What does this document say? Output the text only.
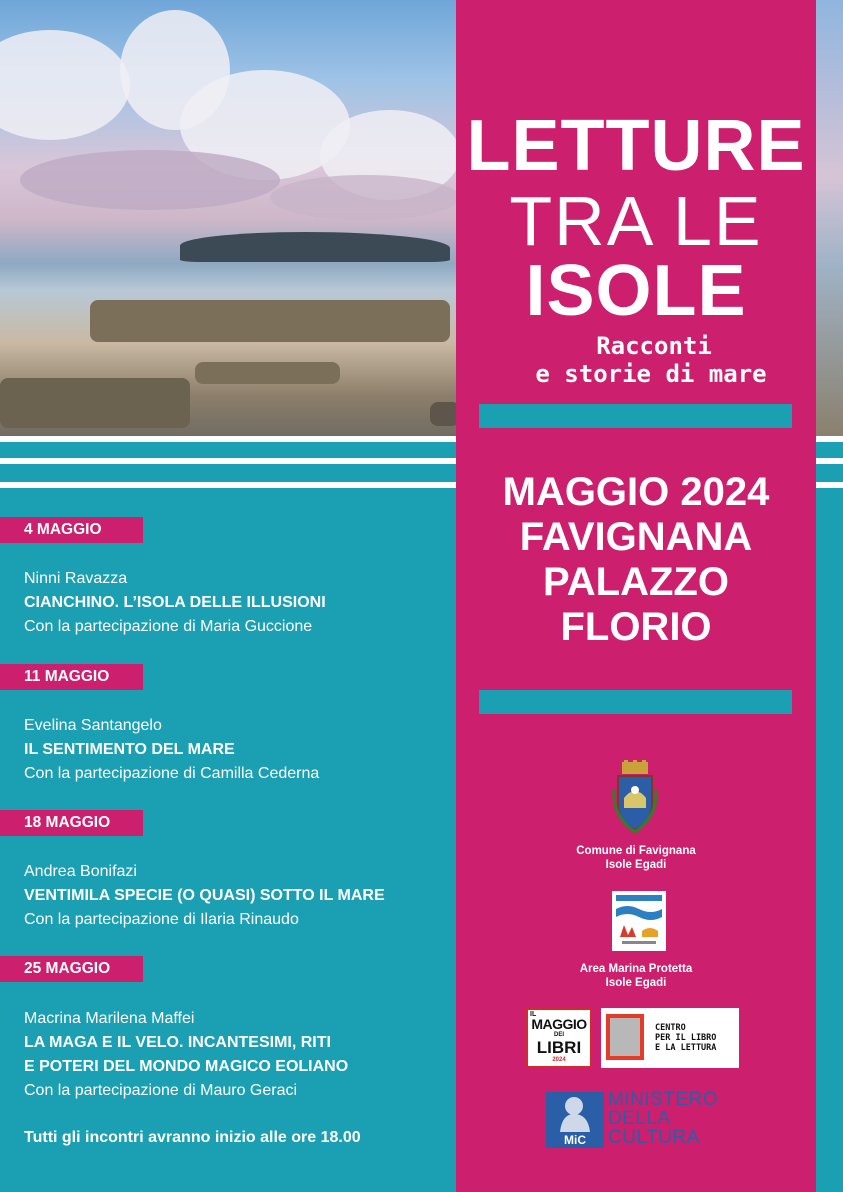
LETTURE
TRA LE
ISOLE
Racconti
e storie di mare
MAGGIO 2024
FAVIGNANA
PALAZZO
FLORIO
Comune di Favignana
Isole Egadi
Area Marina Protetta
Isole Egadi
IL
MAGGIO
DEI
LIBRI
2024
CENTRO
PER IL LIBRO
E LA LETTURA
MiC
MINISTERO
DELLA
CULTURA
4 MAGGIO
Ninni Ravazza
CIANCHINO. L’ISOLA DELLE ILLUSIONI
Con la partecipazione di Maria Guccione
11 MAGGIO
Evelina Santangelo
IL SENTIMENTO DEL MARE
Con la partecipazione di Camilla Cederna
18 MAGGIO
Andrea Bonifazi
VENTIMILA SPECIE (O QUASI) SOTTO IL MARE
Con la partecipazione di Ilaria Rinaudo
25 MAGGIO
Macrina Marilena Maffei
LA MAGA E IL VELO. INCANTESIMI, RITI
E POTERI DEL MONDO MAGICO EOLIANO
Con la partecipazione di Mauro Geraci
Tutti gli incontri avranno inizio alle ore 18.00
